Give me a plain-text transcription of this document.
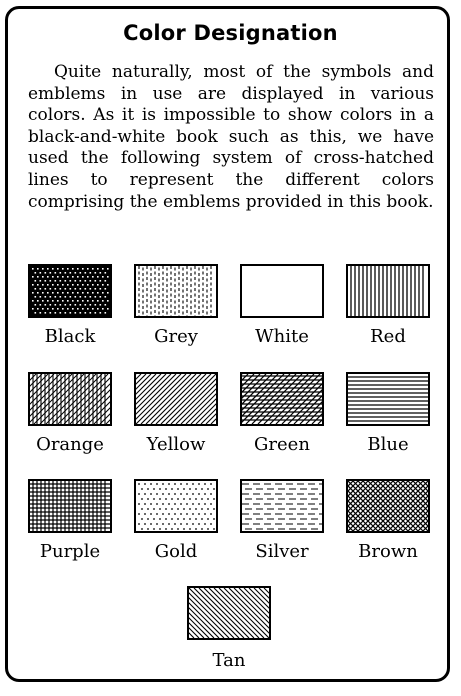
Color Designation

Quite naturally, most of the symbols and emblems in use are displayed in various colors. As it is impossible to show colors in a black-and-white book such as this, we have used the following system of cross-hatched lines to represent the different colors comprising the emblems provided in this book.

Black	Grey	White	Red
Orange	Yellow	Green	Blue
Purple	Gold	Silver	Brown
Tan
